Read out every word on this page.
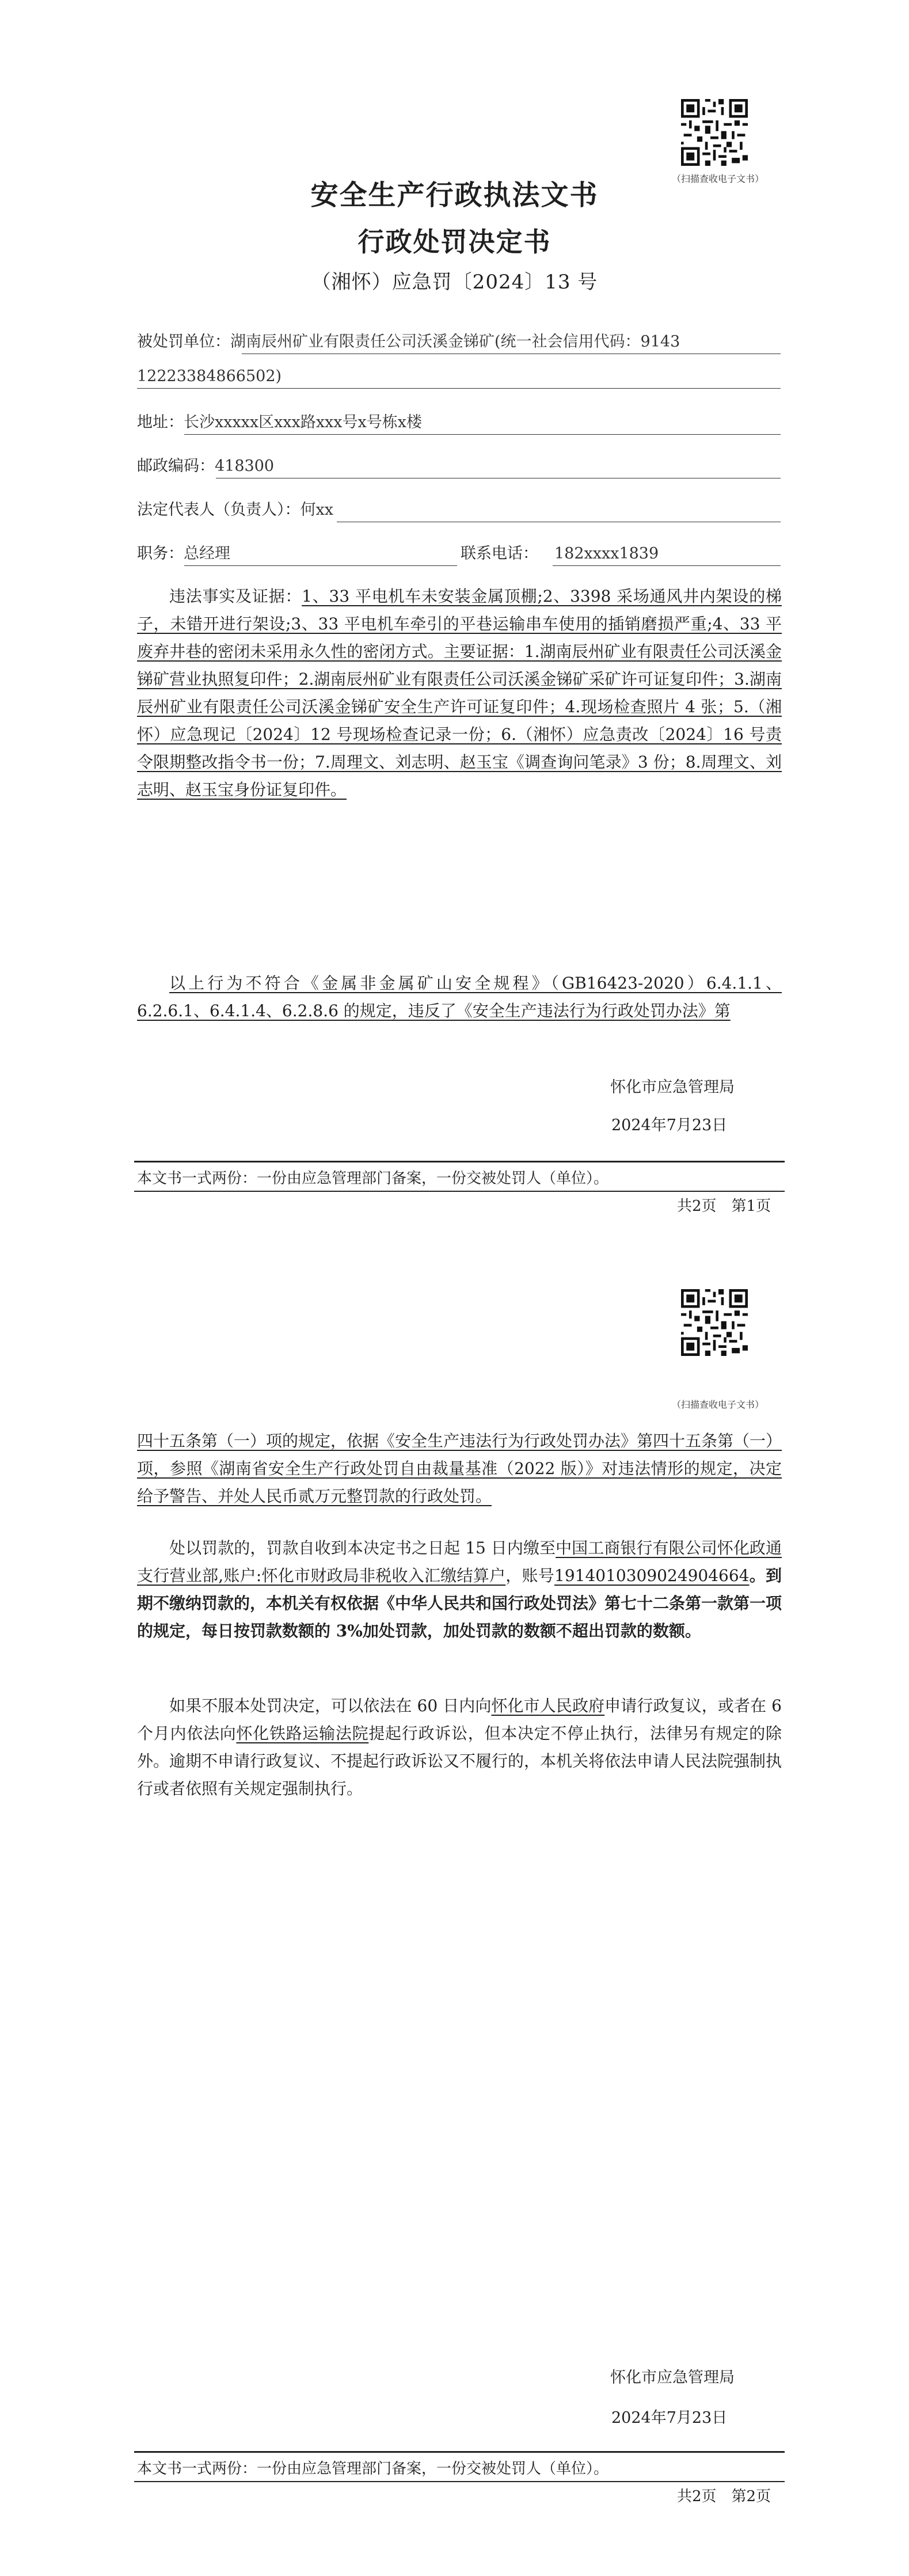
（扫描查收电子文书）
安全生产行政执法文书
行政处罚决定书
（湘怀）应急罚〔2024〕13 号
被处罚单位：湖南辰州矿业有限责任公司沃溪金锑矿(统一社会信用代码：9143
12223384866502)
地址：长沙xxxxx区xxx路xxx号x号栋x楼
邮政编码：418300
法定代表人（负责人）：何xx
职务：总经理	联系电话： 182xxxx1839
违法事实及证据：1、33 平电机车未安装金属顶棚;2、3398 采场通风井内架设的梯子，未错开进行架设;3、33 平电机车牵引的平巷运输串车使用的插销磨损严重;4、33 平废弃井巷的密闭未采用永久性的密闭方式。主要证据：1.湖南辰州矿业有限责任公司沃溪金锑矿营业执照复印件；2.湖南辰州矿业有限责任公司沃溪金锑矿采矿许可证复印件；3.湖南辰州矿业有限责任公司沃溪金锑矿安全生产许可证复印件；4.现场检查照片 4 张；5.（湘怀）应急现记〔2024〕12 号现场检查记录一份；6.（湘怀）应急责改〔2024〕16 号责令限期整改指令书一份；7.周理文、刘志明、赵玉宝《调查询问笔录》3 份；8.周理文、刘志明、赵玉宝身份证复印件。
以上行为不符合《金属非金属矿山安全规程》（GB16423-2020）6.4.1.1、6.2.6.1、6.4.1.4、6.2.8.6 的规定，违反了《安全生产违法行为行政处罚办法》第
怀化市应急管理局
2024年7月23日
本文书一式两份：一份由应急管理部门备案，一份交被处罚人（单位）。
共2页　第1页
（扫描查收电子文书）
四十五条第（一）项的规定，依据《安全生产违法行为行政处罚办法》第四十五条第（一）项，参照《湖南省安全生产行政处罚自由裁量基准（2022 版）》对违法情形的规定，决定给予警告、并处人民币贰万元整罚款的行政处罚。
处以罚款的，罚款自收到本决定书之日起 15 日内缴至中国工商银行有限公司怀化政通支行营业部,账户:怀化市财政局非税收入汇缴结算户，账号1914010309024904664。到期不缴纳罚款的，本机关有权依据《中华人民共和国行政处罚法》第七十二条第一款第一项的规定，每日按罚款数额的 3%加处罚款，加处罚款的数额不超出罚款的数额。
如果不服本处罚决定，可以依法在 60 日内向怀化市人民政府申请行政复议，或者在 6 个月内依法向怀化铁路运输法院提起行政诉讼，但本决定不停止执行，法律另有规定的除外。逾期不申请行政复议、不提起行政诉讼又不履行的，本机关将依法申请人民法院强制执行或者依照有关规定强制执行。
怀化市应急管理局
2024年7月23日
本文书一式两份：一份由应急管理部门备案，一份交被处罚人（单位）。
共2页　第2页
